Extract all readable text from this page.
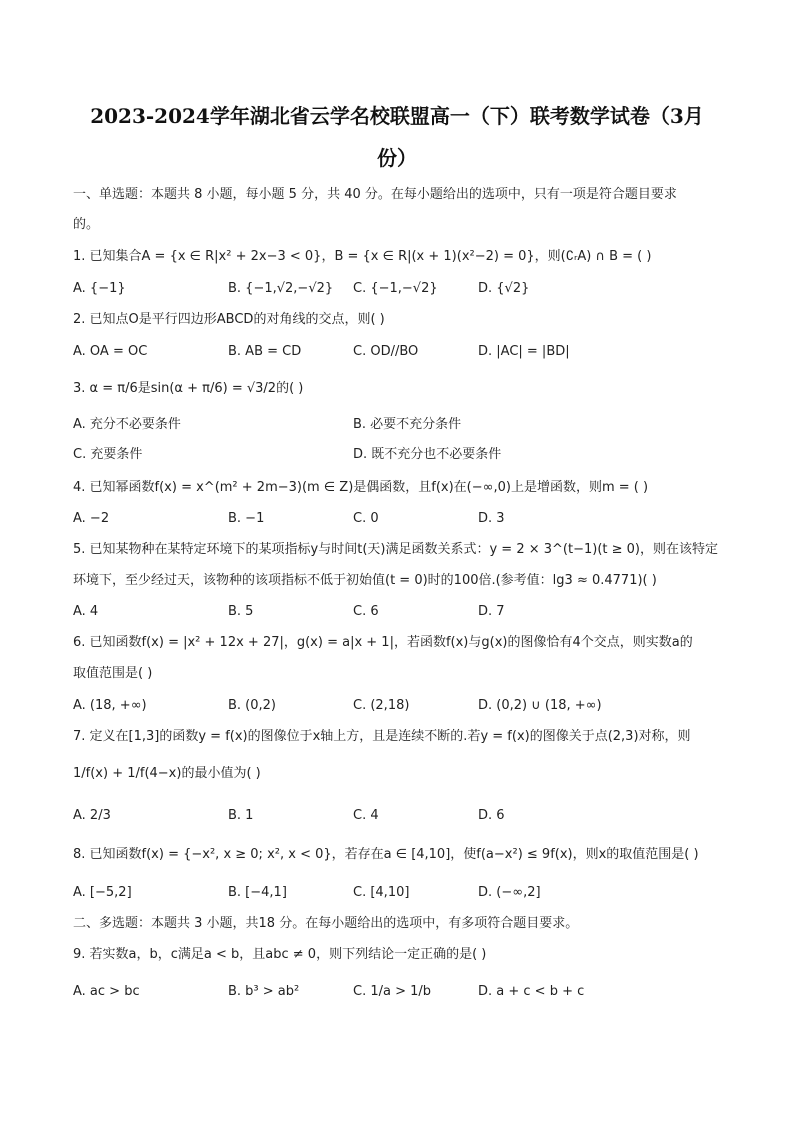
2023-2024学年湖北省云学名校联盟高一（下）联考数学试卷（3月
份）
一、单选题：本题共 8 小题，每小题 5 分，共 40 分。在每小题给出的选项中，只有一项是符合题目要求
的。
1. 已知集合A = {x ∈ R|x² + 2x−3 < 0}，B = {x ∈ R|(x + 1)(x²−2) = 0}，则(∁ᵣA) ∩ B = ( )
A. {−1}	B. {−1,√2,−√2} C. {−1,−√2}	D. {√2}
2. 已知点O是平行四边形ABCD的对角线的交点，则( )
A. OA = OC	B. AB = CD	C. OD//BO	D. |AC| = |BD|
3. α = π/6是sin(α + π/6) = √3/2的( )
A. 充分不必要条件	B. 必要不充分条件
C. 充要条件	D. 既不充分也不必要条件
4. 已知幂函数f(x) = x^(m² + 2m−3)(m ∈ Z)是偶函数，且f(x)在(−∞,0)上是增函数，则m = ( )
A. −2	B. −1	C. 0	D. 3
5. 已知某物种在某特定环境下的某项指标y与时间t(天)满足函数关系式：y = 2 × 3^(t−1)(t ≥ 0)，则在该特定
环境下，至少经过天，该物种的该项指标不低于初始值(t = 0)时的100倍.(参考值：lg3 ≈ 0.4771)( )
A. 4	B. 5	C. 6	D. 7
6. 已知函数f(x) = |x² + 12x + 27|，g(x) = a|x + 1|，若函数f(x)与g(x)的图像恰有4个交点，则实数a的
取值范围是( )
A. (18, +∞)	B. (0,2)	C. (2,18)	D. (0,2) ∪ (18, +∞)
7. 定义在[1,3]的函数y = f(x)的图像位于x轴上方，且是连续不断的.若y = f(x)的图像关于点(2,3)对称，则
1/f(x) + 1/f(4−x)的最小值为( )
A. 2/3	B. 1	C. 4	D. 6
8. 已知函数f(x) = {−x², x ≥ 0; x², x < 0}，若存在a ∈ [4,10]，使f(a−x²) ≤ 9f(x)，则x的取值范围是( )
A. [−5,2]	B. [−4,1]	C. [4,10]	D. (−∞,2]
二、多选题：本题共 3 小题，共18 分。在每小题给出的选项中，有多项符合题目要求。
9. 若实数a，b，c满足a < b，且abc ≠ 0，则下列结论一定正确的是( )
A. ac > bc	B. b³ > ab²	C. 1/a > 1/b	D. a + c < b + c
